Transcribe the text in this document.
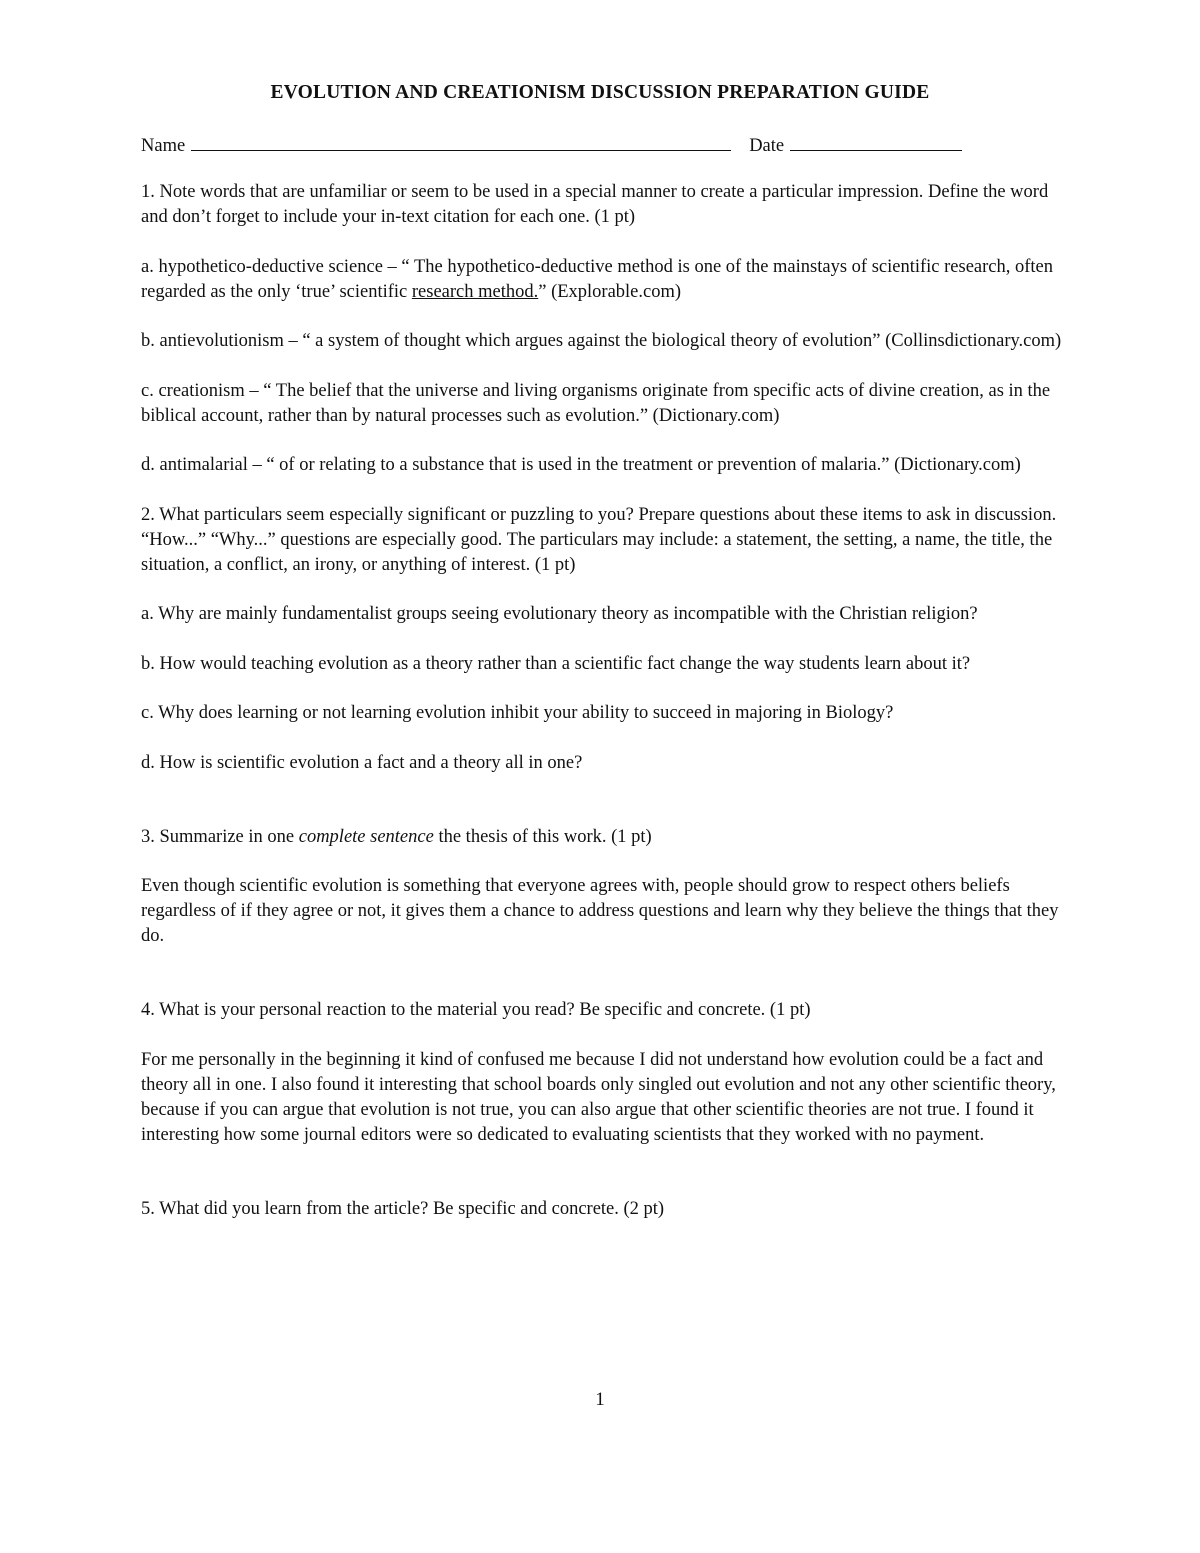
EVOLUTION AND CREATIONISM DISCUSSION PREPARATION GUIDE
Name	Date

1. Note words that are unfamiliar or seem to be used in a special manner to create a particular impression. Define the word and don’t forget to include your in-text citation for each one. (1 pt)

a. hypothetico-deductive science – “ The hypothetico-deductive method is one of the mainstays of scientific research, often regarded as the only ‘true’ scientific research method.” (Explorable.com)

b. antievolutionism – “ a system of thought which argues against the biological theory of evolution” (Collinsdictionary.com)

c. creationism – “ The belief that the universe and living organisms originate from specific acts of divine creation, as in the biblical account, rather than by natural processes such as evolution.” (Dictionary.com)

d. antimalarial – “ of or relating to a substance that is used in the treatment or prevention of malaria.” (Dictionary.com)

2. What particulars seem especially significant or puzzling to you? Prepare questions about these items to ask in discussion. “How...” “Why...” questions are especially good. The particulars may include: a statement, the setting, a name, the title, the situation, a conflict, an irony, or anything of interest. (1 pt)

a. Why are mainly fundamentalist groups seeing evolutionary theory as incompatible with the Christian religion?

b. How would teaching evolution as a theory rather than a scientific fact change the way students learn about it?

c. Why does learning or not learning evolution inhibit your ability to succeed in majoring in Biology?

d. How is scientific evolution a fact and a theory all in one?

3. Summarize in one complete sentence the thesis of this work. (1 pt)

Even though scientific evolution is something that everyone agrees with, people should grow to respect others beliefs regardless of if they agree or not, it gives them a chance to address questions and learn why they believe the things that they do.

4. What is your personal reaction to the material you read? Be specific and concrete. (1 pt)

For me personally in the beginning it kind of confused me because I did not understand how evolution could be a fact and theory all in one. I also found it interesting that school boards only singled out evolution and not any other scientific theory, because if you can argue that evolution is not true, you can also argue that other scientific theories are not true. I found it interesting how some journal editors were so dedicated to evaluating scientists that they worked with no payment.

5. What did you learn from the article? Be specific and concrete. (2 pt)

1
